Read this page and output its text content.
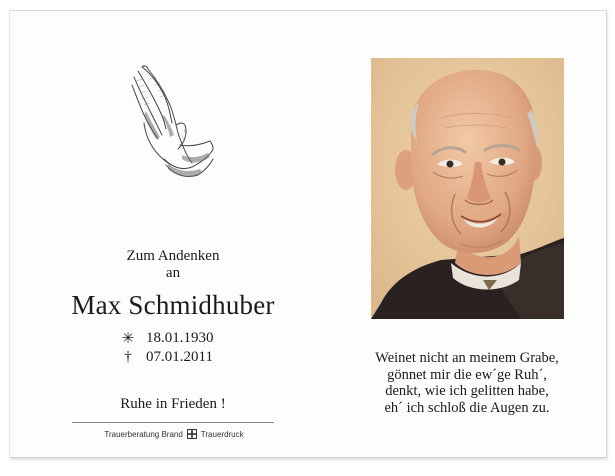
Zum Andenken
an
Max Schmidhuber
✳ 18.01.1930
† 07.01.2011
Ruhe in Frieden !
Trauerberatung Brand Trauerdruck
Weinet nicht an meinem Grabe,
gönnet mir die ew´ge Ruh´,
denkt, wie ich gelitten habe,
eh´ ich schloß die Augen zu.
